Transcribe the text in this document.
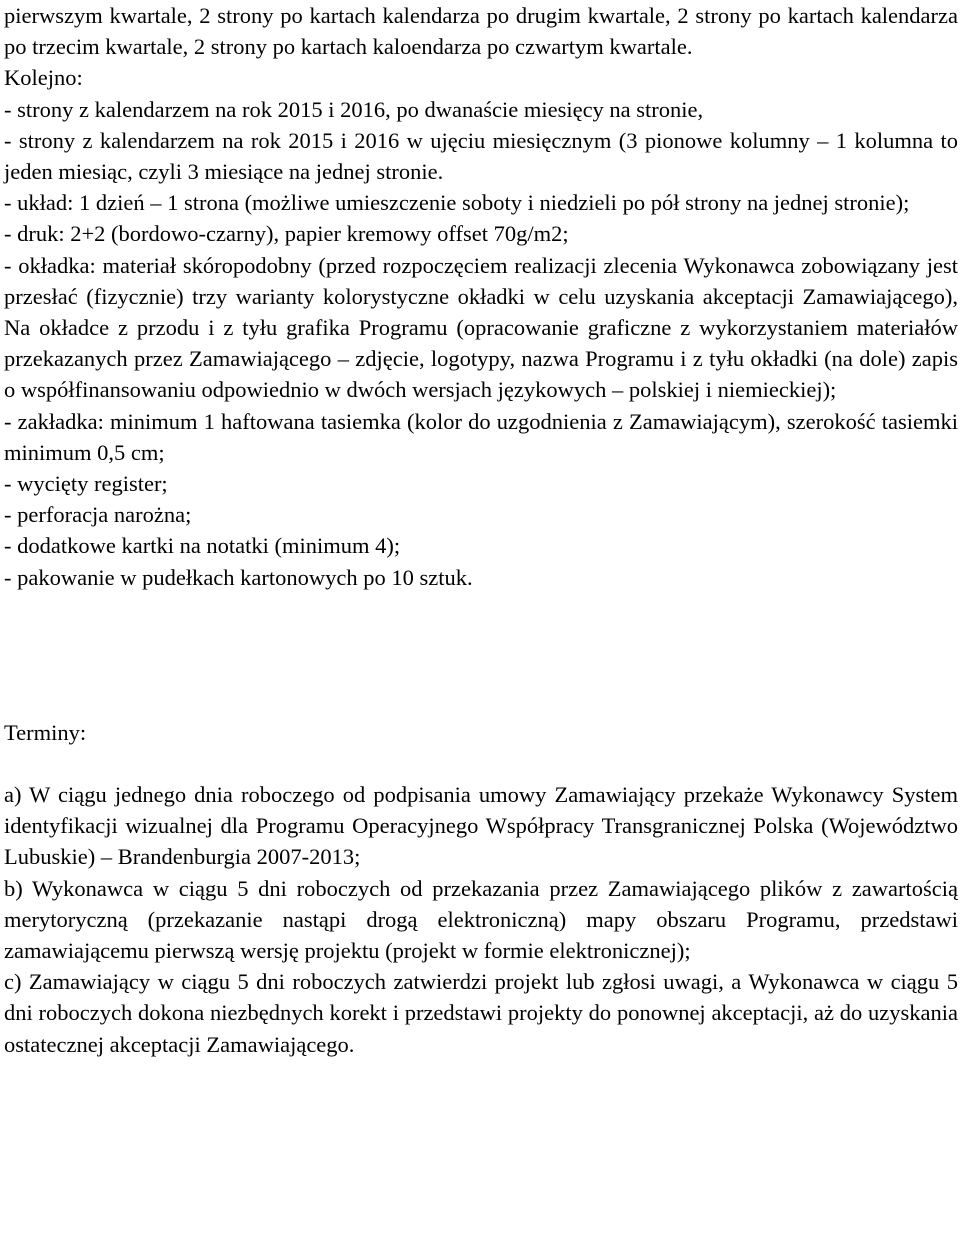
pierwszym kwartale, 2 strony po kartach kalendarza po drugim kwartale, 2 strony po kartach kalendarza po trzecim kwartale, 2 strony po kartach kaloendarza po czwartym kwartale.

Kolejno:

- strony z kalendarzem na rok 2015 i 2016, po dwanaście miesięcy na stronie,

- strony z kalendarzem na rok 2015 i 2016 w ujęciu miesięcznym (3 pionowe kolumny – 1 kolumna to jeden miesiąc, czyli 3 miesiące na jednej stronie.

- układ: 1 dzień – 1 strona (możliwe umieszczenie soboty i niedzieli po pół strony na jednej stronie);

- druk: 2+2 (bordowo-czarny), papier kremowy offset 70g/m2;

- okładka: materiał skóropodobny (przed rozpoczęciem realizacji zlecenia Wykonawca zobowiązany jest przesłać (fizycznie) trzy warianty kolorystyczne okładki w celu uzyskania akceptacji Zamawiającego), Na okładce z przodu i z tyłu grafika Programu (opracowanie graficzne z wykorzystaniem materiałów przekazanych przez Zamawiającego – zdjęcie, logotypy, nazwa Programu i z tyłu okładki (na dole) zapis o współfinansowaniu odpowiednio w dwóch wersjach językowych – polskiej i niemieckiej);

- zakładka: minimum 1 haftowana tasiemka (kolor do uzgodnienia z Zamawiającym), szerokość tasiemki minimum 0,5 cm;

- wycięty register;

- perforacja narożna;

- dodatkowe kartki na notatki (minimum 4);

- pakowanie w pudełkach kartonowych po 10 sztuk.

Terminy:

a) W ciągu jednego dnia roboczego od podpisania umowy Zamawiający przekaże Wykonawcy System identyfikacji wizualnej dla Programu Operacyjnego Współpracy Transgranicznej Polska (Województwo Lubuskie) – Brandenburgia 2007-2013;

b) Wykonawca w ciągu 5 dni roboczych od przekazania przez Zamawiającego plików z zawartością merytoryczną (przekazanie nastąpi drogą elektroniczną) mapy obszaru Programu, przedstawi zamawiającemu pierwszą wersję projektu (projekt w formie elektronicznej);

c) Zamawiający w ciągu 5 dni roboczych zatwierdzi projekt lub zgłosi uwagi, a Wykonawca w ciągu 5 dni roboczych dokona niezbędnych korekt i przedstawi projekty do ponownej akceptacji, aż do uzyskania ostatecznej akceptacji Zamawiającego.
